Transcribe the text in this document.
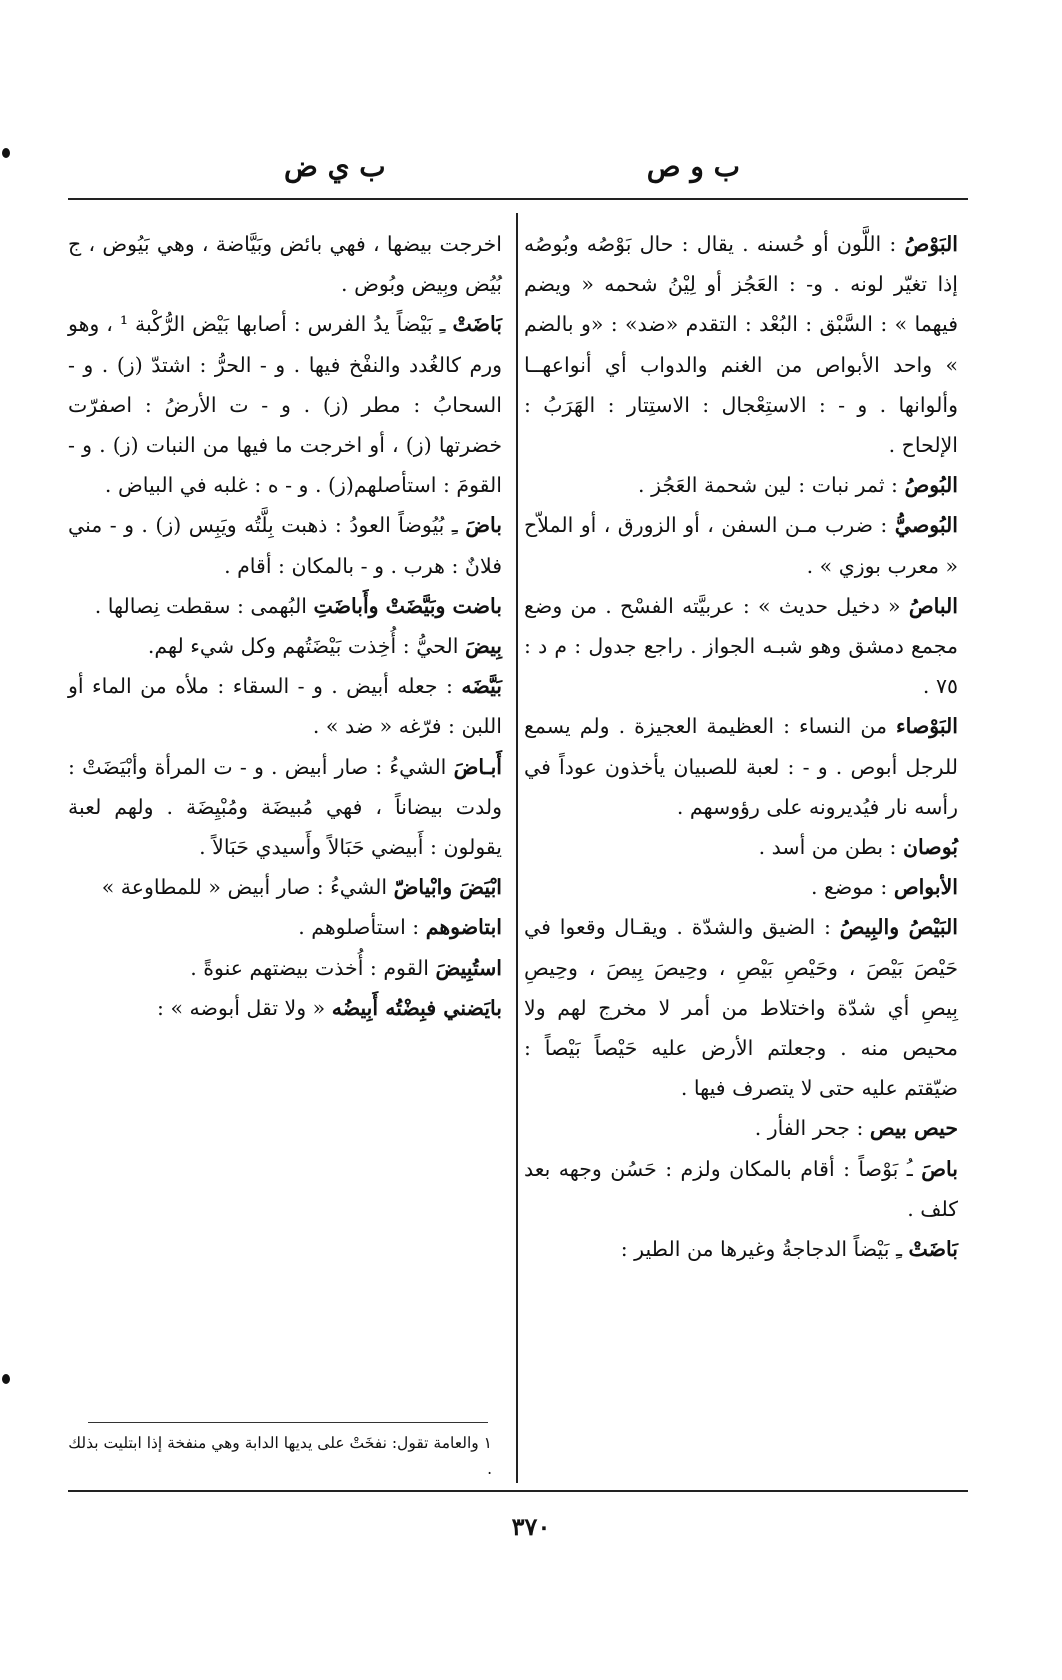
ب و ص
ب ي ض

البَوْصُ : اللَّون أو حُسنه . يقال : حال بَوْصُه وبُوصُه إذا تغيّر لونه . و- : العَجُز أو لِيْنُ شحمه « ويضم فيهما » : السَّبْق : البُعْد : التقدم «ضد» : «و بالضم » واحد الأبواص من الغنم والدواب أي أنواعهــا وألوانها . و - : الاستِعْجال : الاستِتار : الهَرَبُ : الإلحاح .

البُوصُ : ثمر نبات : لين شحمة العَجُز .

البُوصيُّ : ضرب مـن السفن ، أو الزورق ، أو الملاّح « معرب بوزي » .

الباصُ « دخيل حديث » : عربيَّته الفسْح . من وضع مجمع دمشق وهو شبـه الجواز . راجع جدول : م د : ٧٥ .

البَوْصاء من النساء : العظيمة العجيزة . ولم يسمع للرجل أبوص . و - : لعبة للصبيان يأخذون عوداً في رأسه نار فيُديرونه على رؤوسهم .

بُوصان : بطن من أسد .

الأبواص : موضع .

البَيْصُ والبِيصُ : الضيق والشدّة . ويقـال وقعوا في حَيْصَ بَيْصَ ، وحَيْصِ بَيْصِ ، وحِيصَ بِيصَ ، وحِيصِ بِيصِ أي شدّة واختلاط من أمر لا مخرج لهم ولا محيص منه . وجعلتم الأرض عليه حَيْصاً بَيْصاً : ضيّقتم عليه حتى لا يتصرف فيها .

حيص بيص : جحر الفأر .

باصَ ـُ بَوْصاً : أقام بالمكان ولزم : حَسُن وجهه بعد كلف .

بَاضَتْ ـِ بَيْضاً الدجاجةُ وغيرها من الطير :

اخرجت بيضها ، فهي بائض وبَيَّاضة ، وهي بَيُوض ، ج بُيُض وبِيض وبُوض .

بَاضَتْ ـِ بَيْضاً يدُ الفرس : أصابها بَيْض الرُّكْبة ¹ ، وهو ورم كالغُدد والنفْخ فيها . و - الحرُّ : اشتدّ (ز) . و - السحابُ : مطر (ز) . و - ت الأرضُ : اصفرّت خضرتها (ز) ، أو اخرجت ما فيها من النبات (ز) . و - القومَ : استأصلهم(ز) . و - ه : غلبه في البياض .

باضَ ـِ بُيُوضاً العودُ : ذهبت بِلَّتُه ويَبِس (ز) . و - مني فلانٌ : هرب . و - بالمكان : أقام .

باضت وبَيَّضَتْ وأَباضَتِ البُهمى : سقطت نِصالها .

بِيضَ الحيُّ : أُخِذت بَيْضَتُهم وكل شيء لهم.

بَيَّضَه : جعله أبيض . و - السقاء : ملأه من الماء أو اللبن : فرّغه « ضد » .

أَبـاضَ الشيءُ : صار أبيض . و - ت المرأة وأبْيَضَتْ : ولدت بيضاناً ، فهي مُبيضَة ومُبْيِضَة . ولهم لعبة يقولون : أَبيضي حَبَالاً وأَسيدي حَبَالاً .

ابْيَضَ وابْياضّ الشيءُ : صار أبيض « للمطاوعة »

ابتاضوهم : استأصلوهم .

استُبِيضَ القوم : أُخذت بيضتهم عنوةً .

بايَضني فبِضْتُه أَبِيضُه « ولا تقل أبوضه » :

١ والعامة تقول: نفخَتْ على يديها الدابة وهي منفخة إذا ابتليت بذلك .
٣٧٠
